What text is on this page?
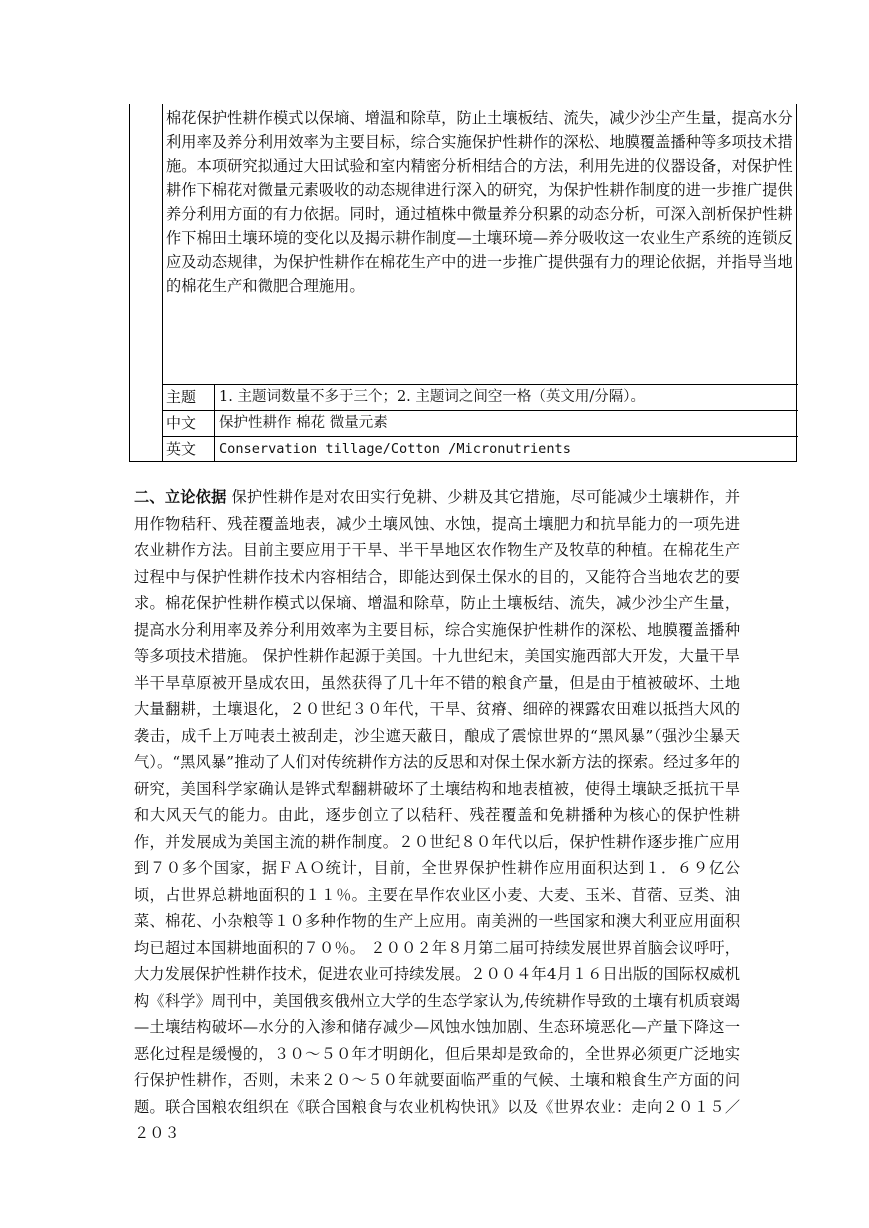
棉花保护性耕作模式以保墒、增温和除草，防止土壤板结、流失，减少沙尘产生量，提高水分利用率及养分利用效率为主要目标，综合实施保护性耕作的深松、地膜覆盖播种等多项技术措施。本项研究拟通过大田试验和室内精密分析相结合的方法，利用先进的仪器设备，对保护性耕作下棉花对微量元素吸收的动态规律进行深入的研究，为保护性耕作制度的进一步推广提供养分利用方面的有力依据。同时，通过植株中微量养分积累的动态分析，可深入剖析保护性耕作下棉田土壤环境的变化以及揭示耕作制度—土壤环境—养分吸收这一农业生产系统的连锁反应及动态规律，为保护性耕作在棉花生产中的进一步推广提供强有力的理论依据，并指导当地的棉花生产和微肥合理施用。
主题	1. 主题词数量不多于三个；2. 主题词之间空一格（英文用/分隔）。
中文	保护性耕作 棉花 微量元素
英文	Conservation tillage/Cotton /Micronutrients
二、立论依据 保护性耕作是对农田实行免耕、少耕及其它措施，尽可能减少土壤耕作，并用作物秸秆、残茬覆盖地表，减少土壤风蚀、水蚀，提高土壤肥力和抗旱能力的一项先进农业耕作方法。目前主要应用于干旱、半干旱地区农作物生产及牧草的种植。在棉花生产过程中与保护性耕作技术内容相结合，即能达到保土保水的目的，又能符合当地农艺的要求。棉花保护性耕作模式以保墒、增温和除草，防止土壤板结、流失，减少沙尘产生量，提高水分利用率及养分利用效率为主要目标，综合实施保护性耕作的深松、地膜覆盖播种等多项技术措施。 保护性耕作起源于美国。十九世纪末，美国实施西部大开发，大量干旱半干旱草原被开垦成农田，虽然获得了几十年不错的粮食产量，但是由于植被破坏、土地大量翻耕，土壤退化，２０世纪３０年代，干旱、贫瘠、细碎的裸露农田难以抵挡大风的袭击，成千上万吨表土被刮走，沙尘遮天蔽日，酿成了震惊世界的“黑风暴”（强沙尘暴天气）。“黑风暴”推动了人们对传统耕作方法的反思和对保土保水新方法的探索。经过多年的研究，美国科学家确认是铧式犁翻耕破坏了土壤结构和地表植被，使得土壤缺乏抵抗干旱和大风天气的能力。由此，逐步创立了以秸秆、残茬覆盖和免耕播种为核心的保护性耕作，并发展成为美国主流的耕作制度。２０世纪８０年代以后，保护性耕作逐步推广应用到７０多个国家，据ＦＡＯ统计，目前，全世界保护性耕作应用面积达到１．６９亿公顷，占世界总耕地面积的１１％。主要在旱作农业区小麦、大麦、玉米、苜蓿、豆类、油菜、棉花、小杂粮等１０多种作物的生产上应用。南美洲的一些国家和澳大利亚应用面积均已超过本国耕地面积的７０％。 ２００２年８月第二届可持续发展世界首脑会议呼吁，大力发展保护性耕作技术，促进农业可持续发展。２００４年4月１６日出版的国际权威机构《科学》周刊中，美国俄亥俄州立大学的生态学家认为,传统耕作导致的土壤有机质衰竭—土壤结构破坏—水分的入渗和储存减少—风蚀水蚀加剧、生态环境恶化—产量下降这一恶化过程是缓慢的，３０～５０年才明朗化，但后果却是致命的，全世界必须更广泛地实行保护性耕作，否则，未来２０～５０年就要面临严重的气候、土壤和粮食生产方面的问题。联合国粮农组织在《联合国粮食与农业机构快讯》以及《世界农业：走向２０１５／２０３
